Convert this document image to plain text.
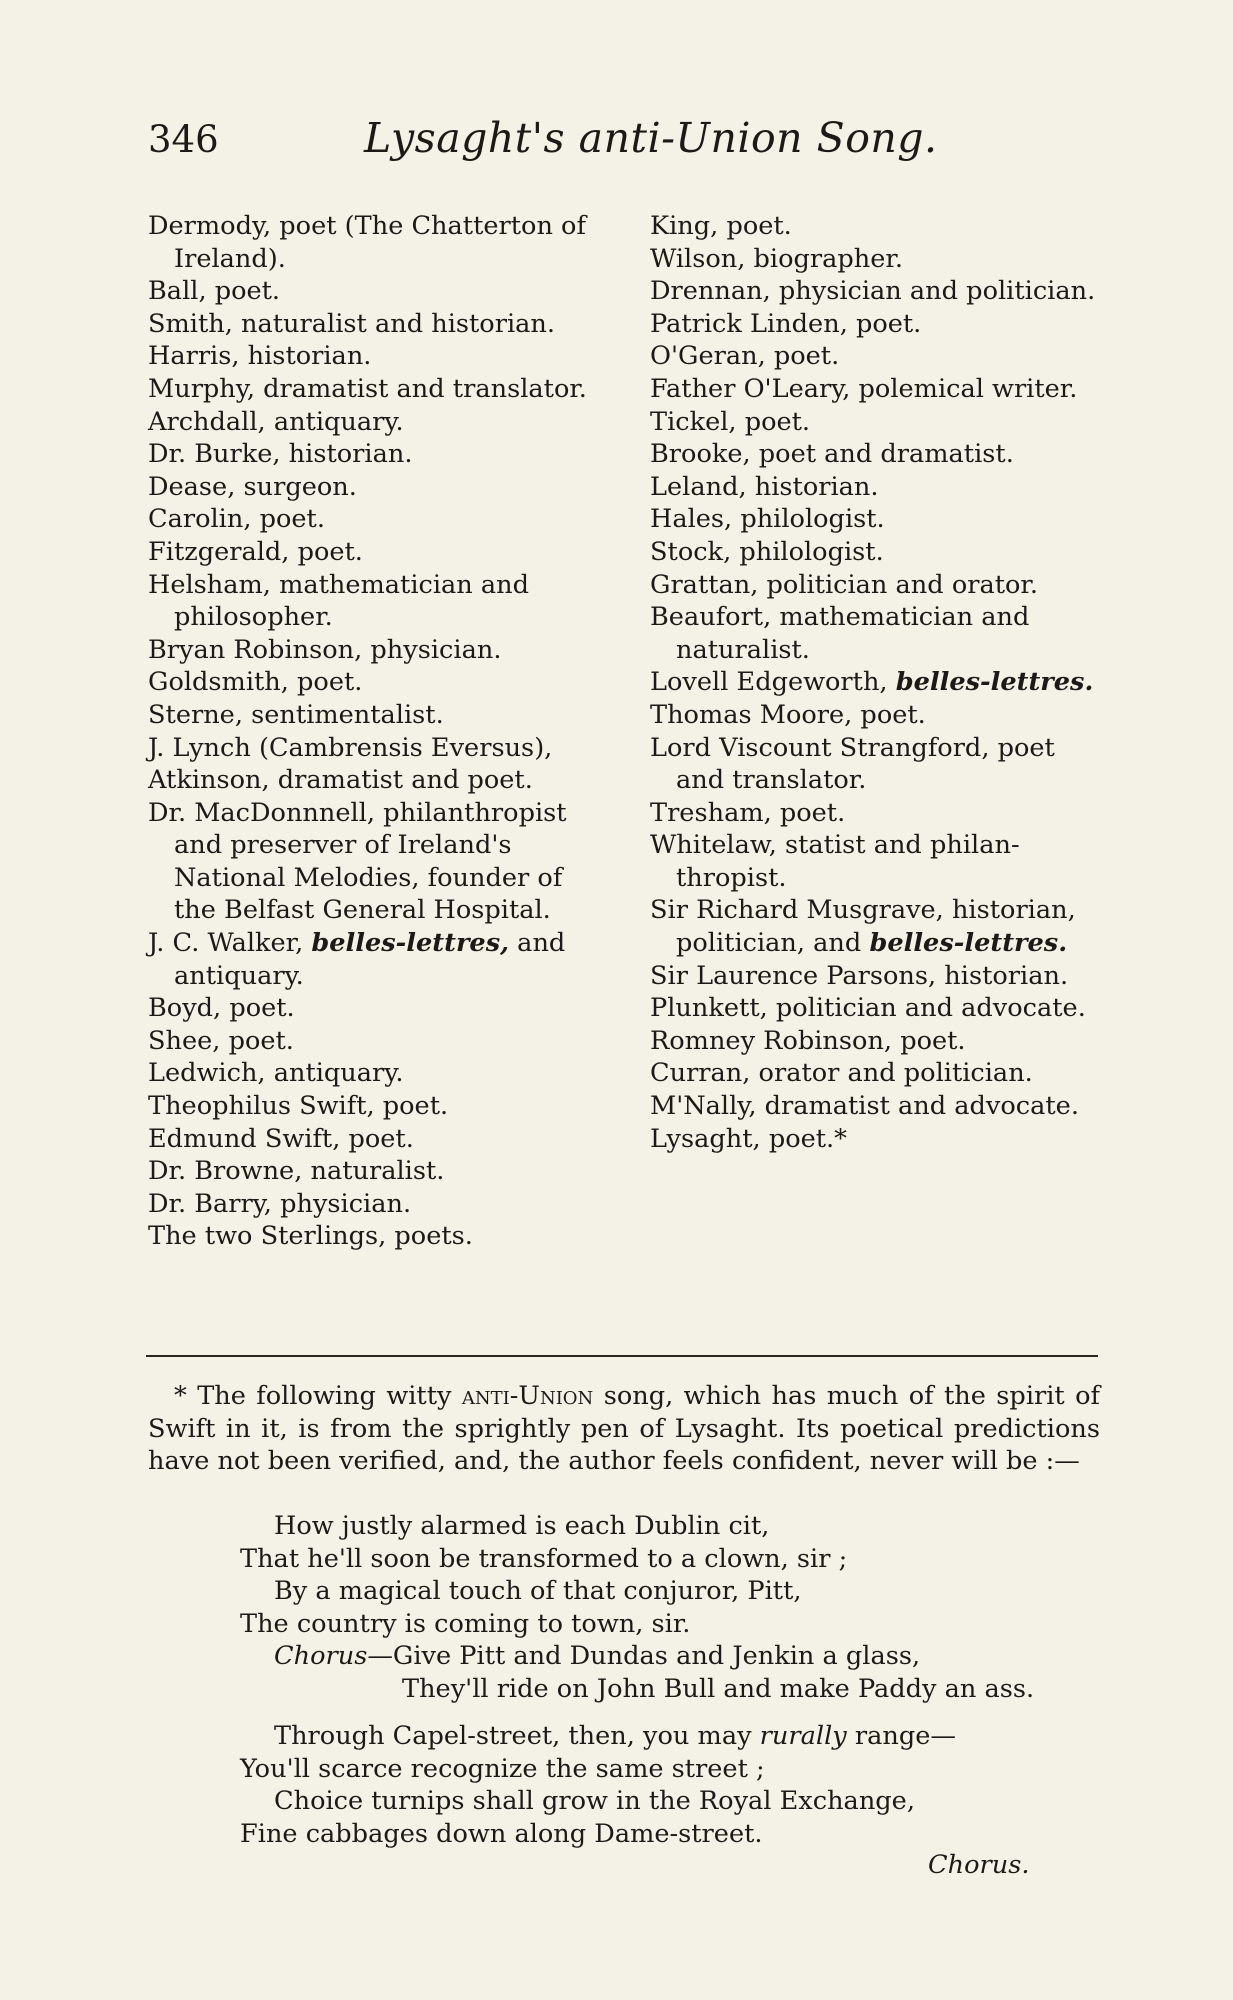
346	Lysaght's anti-Union Song.
Dermody, poet (The Chatterton of Ireland).
Ball, poet.
Smith, naturalist and historian.
Harris, historian.
Murphy, dramatist and translator.
Archdall, antiquary.
Dr. Burke, historian.
Dease, surgeon.
Carolin, poet.
Fitzgerald, poet.
Helsham, mathematician and philosopher.
Bryan Robinson, physician.
Goldsmith, poet.
Sterne, sentimentalist.
J. Lynch (Cambrensis Eversus),
Atkinson, dramatist and poet.
Dr. MacDonnnell, philanthropist and preserver of Ireland's National Melodies, founder of the Belfast General Hospital.
J. C. Walker, belles-lettres, and antiquary.
Boyd, poet.
Shee, poet.
Ledwich, antiquary.
Theophilus Swift, poet.
Edmund Swift, poet.
Dr. Browne, naturalist.
Dr. Barry, physician.
The two Sterlings, poets.
King, poet.
Wilson, biographer.
Drennan, physician and politician.
Patrick Linden, poet.
O'Geran, poet.
Father O'Leary, polemical writer.
Tickel, poet.
Brooke, poet and dramatist.
Leland, historian.
Hales, philologist.
Stock, philologist.
Grattan, politician and orator.
Beaufort, mathematician and naturalist.
Lovell Edgeworth, belles-lettres.
Thomas Moore, poet.
Lord Viscount Strangford, poet and translator.
Tresham, poet.
Whitelaw, statist and philanthropist.
Sir Richard Musgrave, historian, politician, and belles-lettres.
Sir Laurence Parsons, historian.
Plunkett, politician and advocate.
Romney Robinson, poet.
Curran, orator and politician.
M'Nally, dramatist and advocate.
Lysaght, poet.*
* The following witty anti-Union song, which has much of the spirit of Swift in it, is from the sprightly pen of Lysaght. Its poetical predictions have not been verified, and, the author feels confident, never will be :—
How justly alarmed is each Dublin cit,
That he'll soon be transformed to a clown, sir ;
By a magical touch of that conjuror, Pitt,
The country is coming to town, sir.
Chorus—Give Pitt and Dundas and Jenkin a glass,
They'll ride on John Bull and make Paddy an ass.
Through Capel-street, then, you may rurally range—
You'll scarce recognize the same street ;
Choice turnips shall grow in the Royal Exchange,
Fine cabbages down along Dame-street.
Chorus.
